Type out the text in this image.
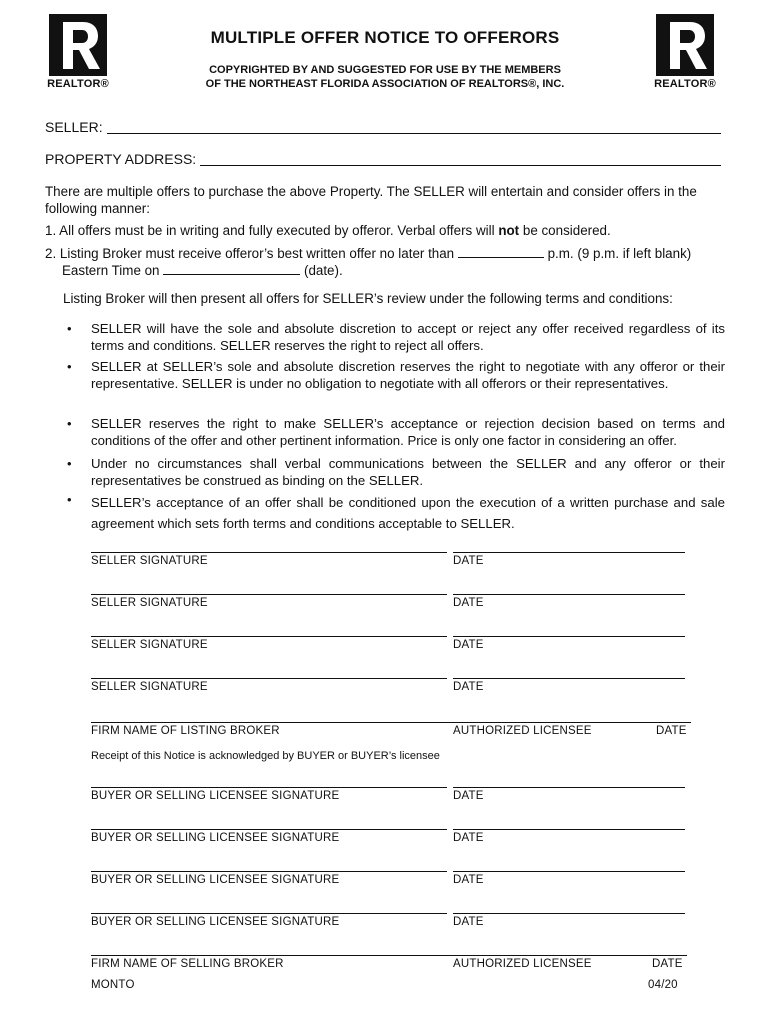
REALTOR®	REALTOR®
MULTIPLE OFFER NOTICE TO OFFERORS
COPYRIGHTED BY AND SUGGESTED FOR USE BY THE MEMBERS
OF THE NORTHEAST FLORIDA ASSOCIATION OF REALTORS®, INC.
SELLER:
PROPERTY ADDRESS:
There are multiple offers to purchase the above Property. The SELLER will entertain and consider offers in the following manner:
1. All offers must be in writing and fully executed by offeror. Verbal offers will not be considered.
2. Listing Broker must receive offeror’s best written offer no later than	p.m. (9 p.m. if left blank)
Eastern Time on	(date).
Listing Broker will then present all offers for SELLER’s review under the following terms and conditions:
• SELLER will have the sole and absolute discretion to accept or reject any offer received regardless of its terms and conditions. SELLER reserves the right to reject all offers.
• SELLER at SELLER’s sole and absolute discretion reserves the right to negotiate with any offeror or their representative. SELLER is under no obligation to negotiate with all offerors or their representatives.
• SELLER reserves the right to make SELLER’s acceptance or rejection decision based on terms and conditions of the offer and other pertinent information. Price is only one factor in considering an offer.
• Under no circumstances shall verbal communications between the SELLER and any offeror or their representatives be construed as binding on the SELLER.
• SELLER’s acceptance of an offer shall be conditioned upon the execution of a written purchase and sale agreement which sets forth terms and conditions acceptable to SELLER.
SELLER SIGNATURE	DATE
SELLER SIGNATURE	DATE
SELLER SIGNATURE	DATE
SELLER SIGNATURE	DATE
FIRM NAME OF LISTING BROKER	AUTHORIZED LICENSEE	DATE
BUYER OR SELLING LICENSEE SIGNATURE	DATE
BUYER OR SELLING LICENSEE SIGNATURE	DATE
BUYER OR SELLING LICENSEE SIGNATURE	DATE
BUYER OR SELLING LICENSEE SIGNATURE	DATE
FIRM NAME OF SELLING BROKER	AUTHORIZED LICENSEE	DATE
Receipt of this Notice is acknowledged by BUYER or BUYER’s licensee
MONTO	04/20
